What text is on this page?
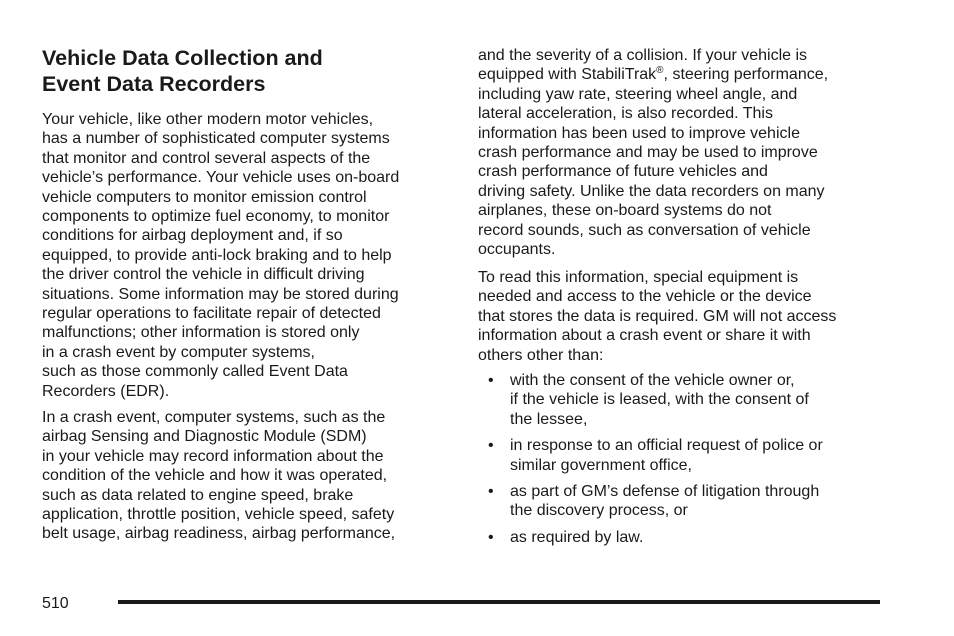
Vehicle Data Collection and
Event Data Recorders

Your vehicle, like other modern motor vehicles,
has a number of sophisticated computer systems
that monitor and control several aspects of the
vehicle’s performance. Your vehicle uses on-board
vehicle computers to monitor emission control
components to optimize fuel economy, to monitor
conditions for airbag deployment and, if so
equipped, to provide anti-lock braking and to help
the driver control the vehicle in difficult driving
situations. Some information may be stored during
regular operations to facilitate repair of detected
malfunctions; other information is stored only
in a crash event by computer systems,
such as those commonly called Event Data
Recorders (EDR).

In a crash event, computer systems, such as the
airbag Sensing and Diagnostic Module (SDM)
in your vehicle may record information about the
condition of the vehicle and how it was operated,
such as data related to engine speed, brake
application, throttle position, vehicle speed, safety
belt usage, airbag readiness, airbag performance,

and the severity of a collision. If your vehicle is
equipped with StabiliTrak®, steering performance,
including yaw rate, steering wheel angle, and
lateral acceleration, is also recorded. This
information has been used to improve vehicle
crash performance and may be used to improve
crash performance of future vehicles and
driving safety. Unlike the data recorders on many
airplanes, these on-board systems do not
record sounds, such as conversation of vehicle
occupants.

To read this information, special equipment is
needed and access to the vehicle or the device
that stores the data is required. GM will not access
information about a crash event or share it with
others other than:

• with the consent of the vehicle owner or,
if the vehicle is leased, with the consent of
the lessee,
• in response to an official request of police or
similar government office,
• as part of GM’s defense of litigation through
the discovery process, or
• as required by law.
510
